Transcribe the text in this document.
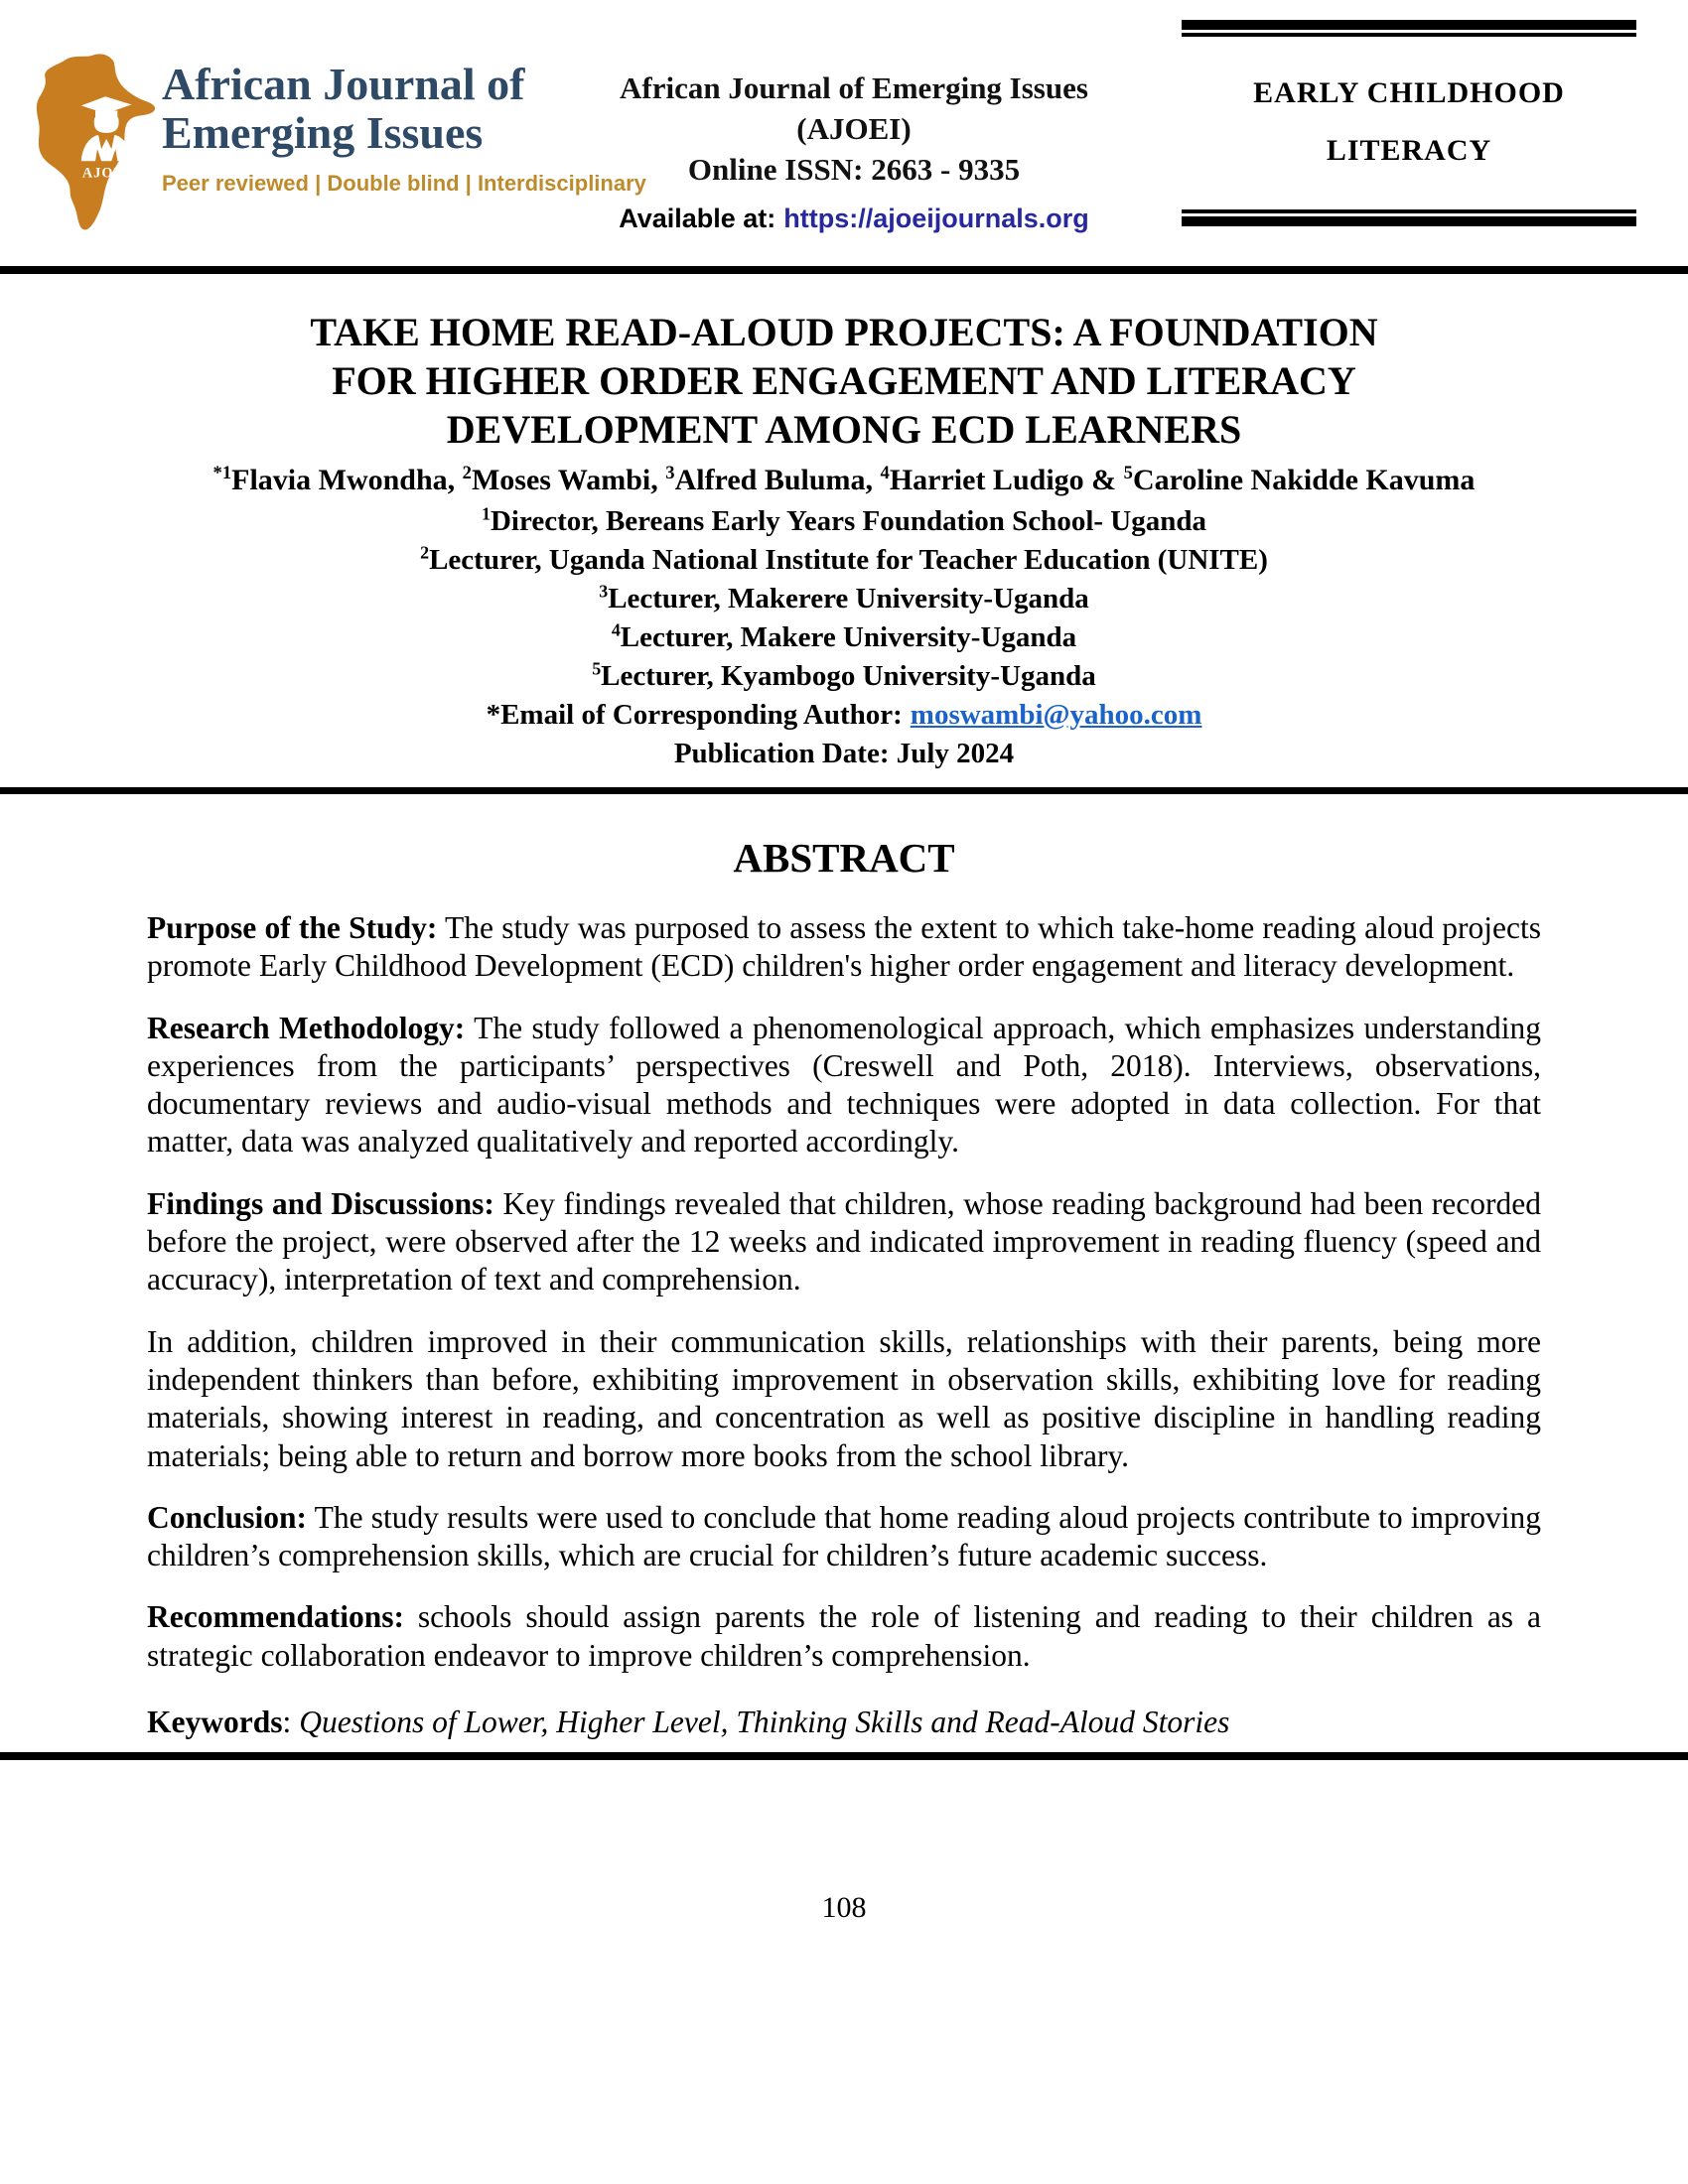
AJOEI
African Journal of
Emerging Issues
Peer reviewed | Double blind | Interdisciplinary
African Journal of Emerging Issues
(AJOEI)
Online ISSN: 2663 - 9335
Available at: https://ajoeijournals.org
EARLY CHILDHOOD
LITERACY
TAKE HOME READ-ALOUD PROJECTS: A FOUNDATION
FOR HIGHER ORDER ENGAGEMENT AND LITERACY
DEVELOPMENT AMONG ECD LEARNERS

$^{*1}$Flavia Mwondha, $^2$Moses Wambi, $^3$Alfred Buluma, $^4$Harriet Ludigo & $^5$Caroline Nakidde Kavuma

$^1$Director, Bereans Early Years Foundation School- Uganda
$^2$Lecturer, Uganda National Institute for Teacher Education (UNITE)
$^3$Lecturer, Makerere University-Uganda
$^4$Lecturer, Makere University-Uganda
$^5$Lecturer, Kyambogo University-Uganda
*Email of Corresponding Author: moswambi@yahoo.com
Publication Date: July 2024
ABSTRACT

Purpose of the Study: The study was purposed to assess the extent to which take-home reading aloud projects promote Early Childhood Development (ECD) children's higher order engagement and literacy development.

Research Methodology: The study followed a phenomenological approach, which emphasizes understanding experiences from the participants’ perspectives (Creswell and Poth, 2018). Interviews, observations, documentary reviews and audio-visual methods and techniques were adopted in data collection. For that matter, data was analyzed qualitatively and reported accordingly.

Findings and Discussions: Key findings revealed that children, whose reading background had been recorded before the project, were observed after the 12 weeks and indicated improvement in reading fluency (speed and accuracy), interpretation of text and comprehension.

In addition, children improved in their communication skills, relationships with their parents, being more independent thinkers than before, exhibiting improvement in observation skills, exhibiting love for reading materials, showing interest in reading, and concentration as well as positive discipline in handling reading materials; being able to return and borrow more books from the school library.

Conclusion: The study results were used to conclude that home reading aloud projects contribute to improving children’s comprehension skills, which are crucial for children’s future academic success.

Recommendations: schools should assign parents the role of listening and reading to their children as a strategic collaboration endeavor to improve children’s comprehension.

Keywords: Questions of Lower, Higher Level, Thinking Skills and Read-Aloud Stories

108
